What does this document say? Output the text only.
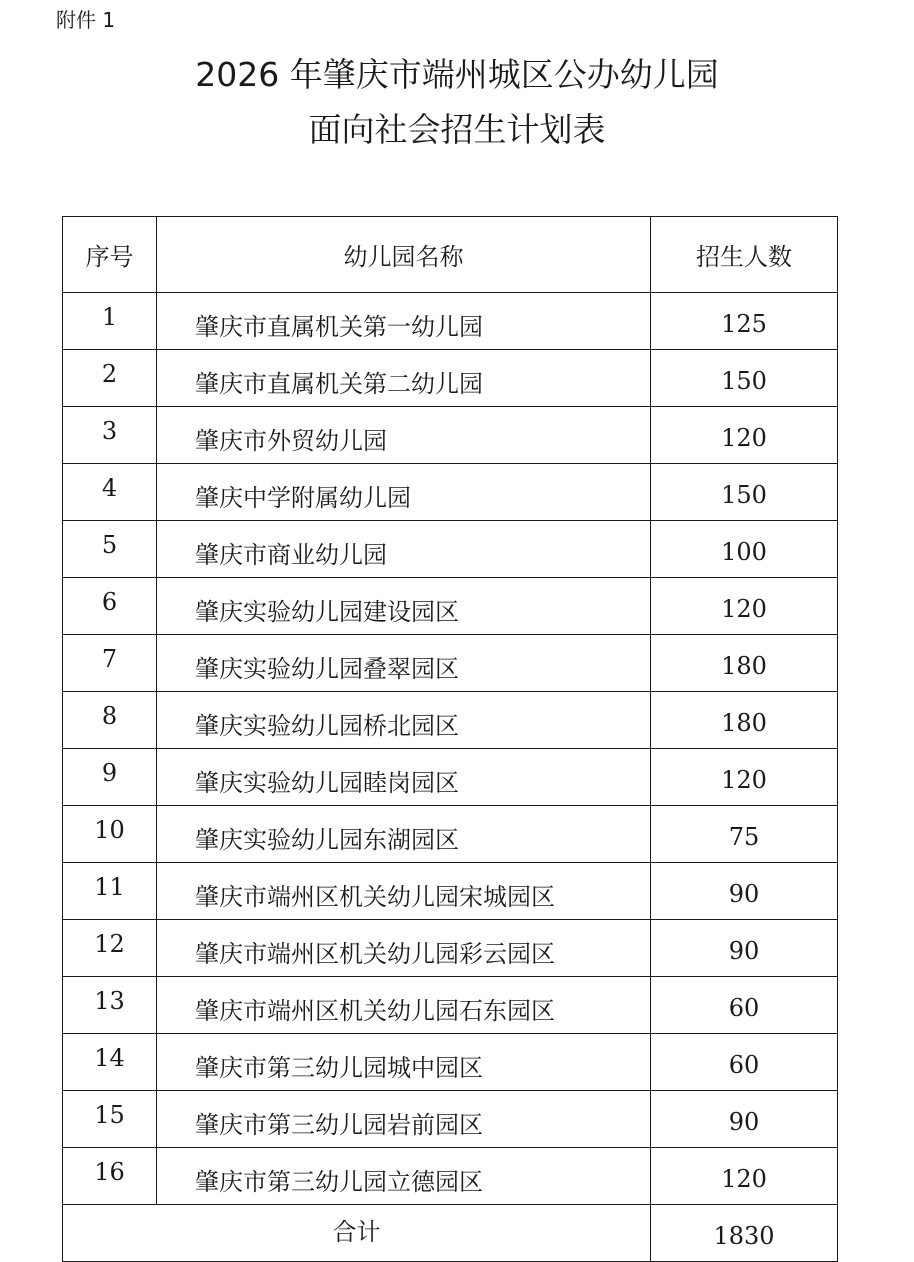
附件 1
2026 年肇庆市端州城区公办幼儿园
面向社会招生计划表
序号	幼儿园名称	招生人数
1	肇庆市直属机关第一幼儿园	125
2	肇庆市直属机关第二幼儿园	150
3	肇庆市外贸幼儿园	120
4	肇庆中学附属幼儿园	150
5	肇庆市商业幼儿园	100
6	肇庆实验幼儿园建设园区	120
7	肇庆实验幼儿园叠翠园区	180
8	肇庆实验幼儿园桥北园区	180
9	肇庆实验幼儿园睦岗园区	120
10	肇庆实验幼儿园东湖园区	75
11	肇庆市端州区机关幼儿园宋城园区	90
12	肇庆市端州区机关幼儿园彩云园区	90
13	肇庆市端州区机关幼儿园石东园区	60
14	肇庆市第三幼儿园城中园区	60
15	肇庆市第三幼儿园岩前园区	90
16	肇庆市第三幼儿园立德园区	120
合计		1830
